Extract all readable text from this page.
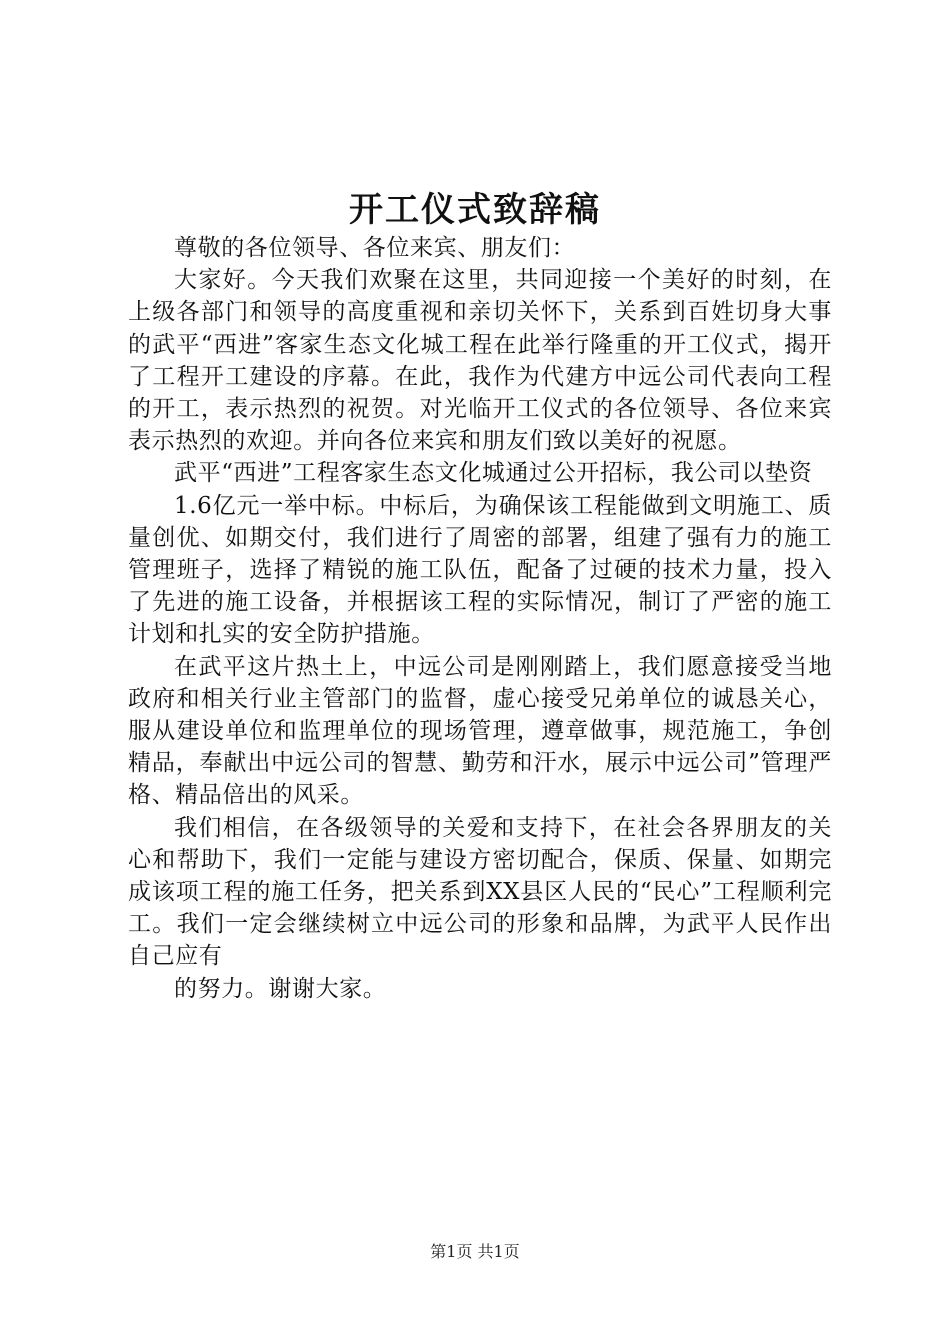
开工仪式致辞稿

尊敬的各位领导、各位来宾、朋友们：

大家好。今天我们欢聚在这里，共同迎接一个美好的时刻，在上级各部门和领导的高度重视和亲切关怀下，关系到百姓切身大事的武平“西进”客家生态文化城工程在此举行隆重的开工仪式，揭开了工程开工建设的序幕。在此，我作为代建方中远公司代表向工程的开工，表示热烈的祝贺。对光临开工仪式的各位领导、各位来宾表示热烈的欢迎。并向各位来宾和朋友们致以美好的祝愿。

武平“西进”工程客家生态文化城通过公开招标，我公司以垫资

1.6亿元一举中标。中标后，为确保该工程能做到文明施工、质量创优、如期交付，我们进行了周密的部署，组建了强有力的施工管理班子，选择了精锐的施工队伍，配备了过硬的技术力量，投入了先进的施工设备，并根据该工程的实际情况，制订了严密的施工计划和扎实的安全防护措施。

在武平这片热土上，中远公司是刚刚踏上，我们愿意接受当地政府和相关行业主管部门的监督，虚心接受兄弟单位的诚恳关心，服从建设单位和监理单位的现场管理，遵章做事，规范施工，争创精品，奉献出中远公司的智慧、勤劳和汗水，展示中远公司”管理严格、精品倍出的风采。

我们相信，在各级领导的关爱和支持下，在社会各界朋友的关心和帮助下，我们一定能与建设方密切配合，保质、保量、如期完成该项工程的施工任务，把关系到XX县区人民的“民心”工程顺利完工。我们一定会继续树立中远公司的形象和品牌，为武平人民作出自己应有

的努力。谢谢大家。

第1页 共1页
